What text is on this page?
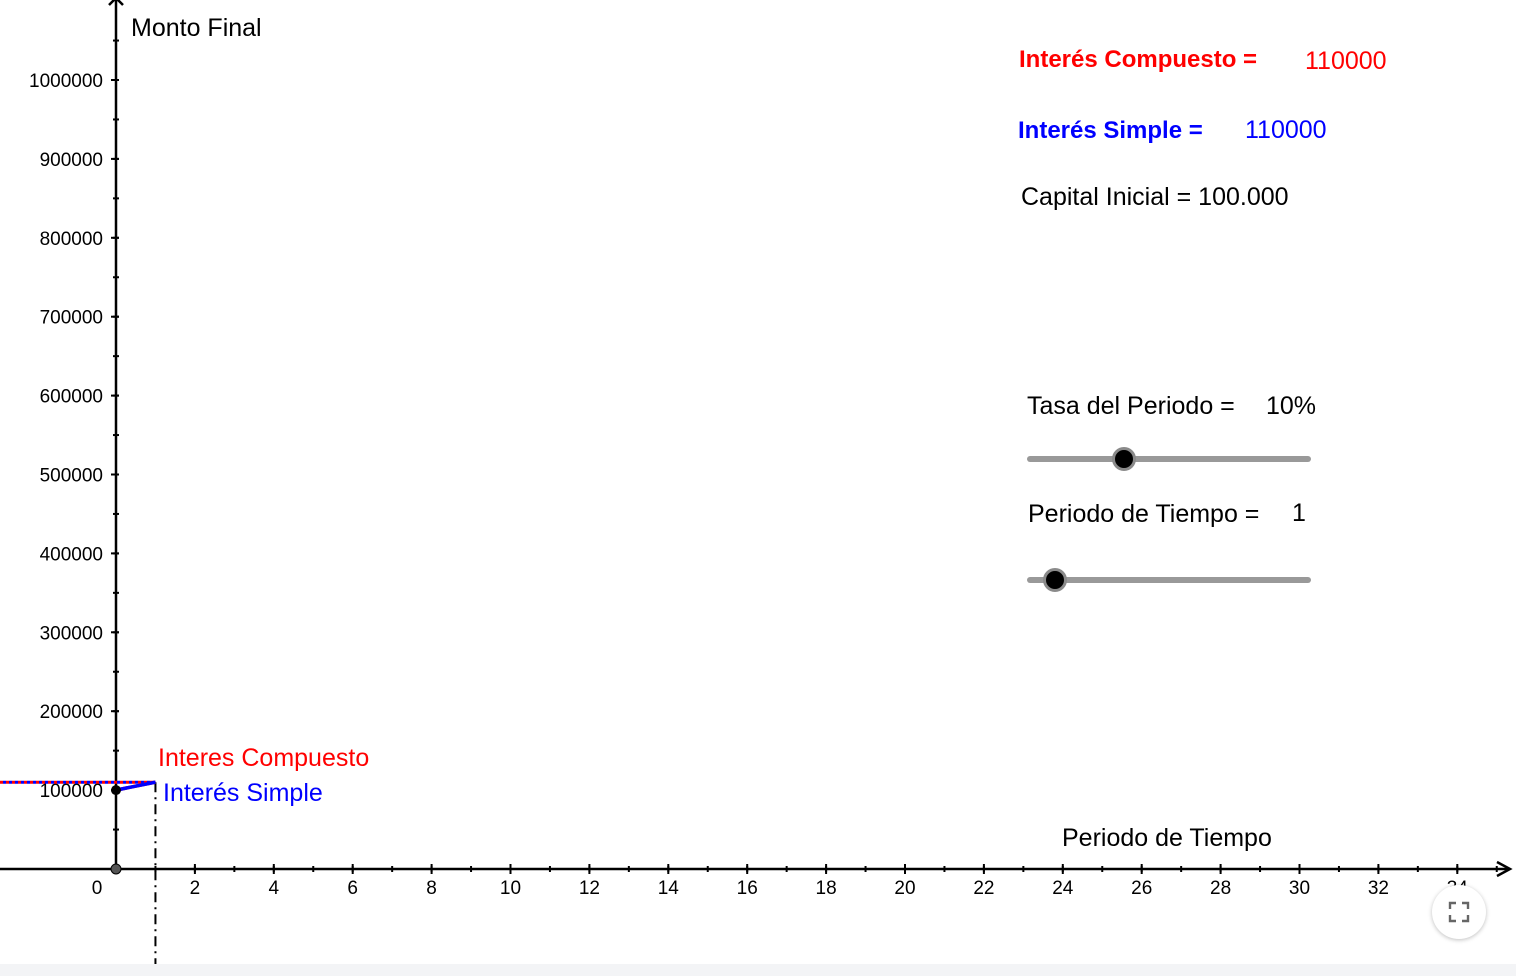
2	4	6	8	10	12	14	16	18	20	22	24	26	28	30	32
100000
200000
300000
400000
500000
600000
700000
800000
900000
1000000
0
Monto Final
Periodo de Tiempo
Interes Compuesto
Interés Simple
Interés Compuesto = 110000
Interés Simple = 110000
Capital Inicial = 100.000
Tasa del Periodo = 10%
Periodo de Tiempo = 1
